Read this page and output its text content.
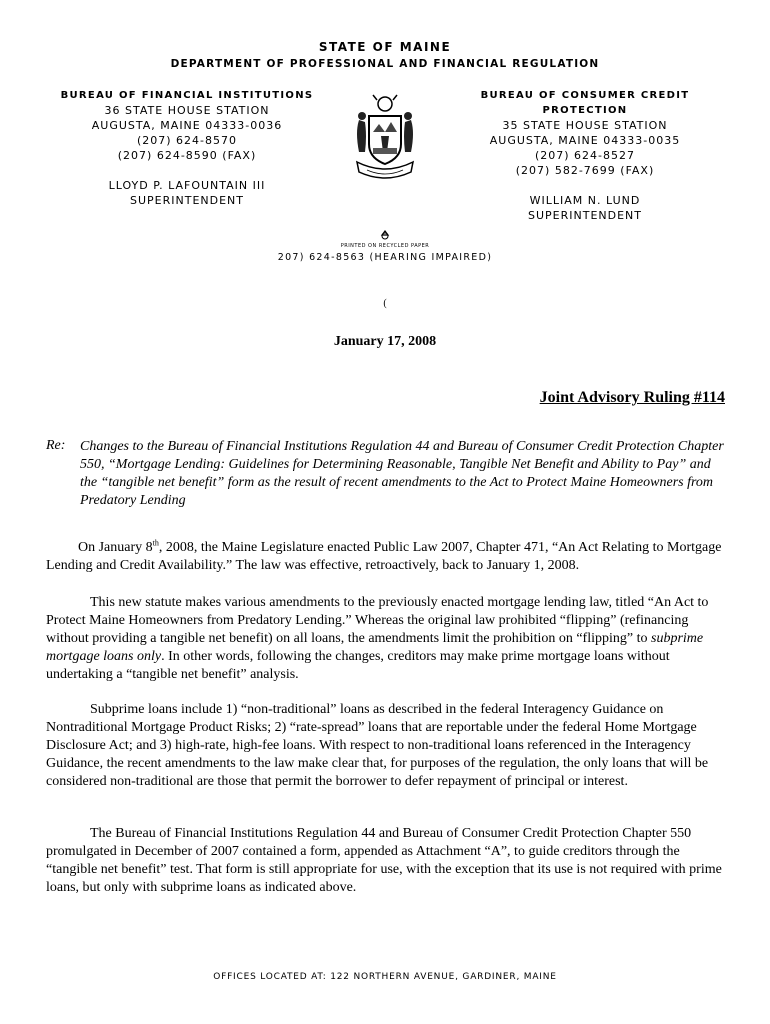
STATE OF MAINE
DEPARTMENT OF PROFESSIONAL AND FINANCIAL REGULATION
BUREAU OF FINANCIAL INSTITUTIONS
36 STATE HOUSE STATION
AUGUSTA, MAINE 04333-0036
(207) 624-8570
(207) 624-8590 (FAX)
BUREAU OF CONSUMER CREDIT
PROTECTION
35 STATE HOUSE STATION
AUGUSTA, MAINE 04333-0035
(207) 624-8527
(207) 582-7699 (FAX)
LLOYD P. LAFOUNTAIN III
SUPERINTENDENT	WILLIAM N. LUND
SUPERINTENDENT
PRINTED ON RECYCLED PAPER
207) 624-8563 (HEARING IMPAIRED)
(
January 17, 2008
Joint Advisory Ruling #114
Re: Changes to the Bureau of Financial Institutions Regulation 44 and Bureau of Consumer Credit Protection Chapter 550, “Mortgage Lending: Guidelines for Determining Reasonable, Tangible Net Benefit and Ability to Pay” and the “tangible net benefit” form as the result of recent amendments to the Act to Protect Maine Homeowners from Predatory Lending

On January 8th, 2008, the Maine Legislature enacted Public Law 2007, Chapter 471, “An Act Relating to Mortgage Lending and Credit Availability.” The law was effective, retroactively, back to January 1, 2008.

This new statute makes various amendments to the previously enacted mortgage lending law, titled “An Act to Protect Maine Homeowners from Predatory Lending.” Whereas the original law prohibited “flipping” (refinancing without providing a tangible net benefit) on all loans, the amendments limit the prohibition on “flipping” to subprime mortgage loans only. In other words, following the changes, creditors may make prime mortgage loans without undertaking a “tangible net benefit” analysis.

Subprime loans include 1) “non-traditional” loans as described in the federal Interagency Guidance on Nontraditional Mortgage Product Risks; 2) “rate-spread” loans that are reportable under the federal Home Mortgage Disclosure Act; and 3) high-rate, high-fee loans. With respect to non-traditional loans referenced in the Interagency Guidance, the recent amendments to the law make clear that, for purposes of the regulation, the only loans that will be considered non-traditional are those that permit the borrower to defer repayment of principal or interest.

The Bureau of Financial Institutions Regulation 44 and Bureau of Consumer Credit Protection Chapter 550 promulgated in December of 2007 contained a form, appended as Attachment “A”, to guide creditors through the “tangible net benefit” test. That form is still appropriate for use, with the exception that its use is not required with prime loans, but only with subprime loans as indicated above.

OFFICES LOCATED AT: 122 NORTHERN AVENUE, GARDINER, MAINE
